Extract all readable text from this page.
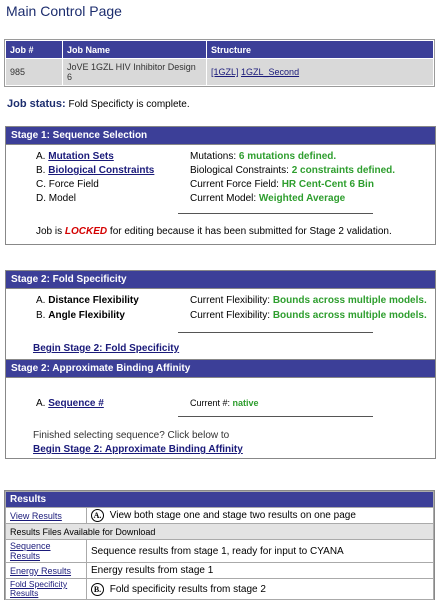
Main Control Page
Job #	Job Name	Structure
985	JoVE 1GZL HIV Inhibitor Design 6	[1GZL] 1GZL_Second
Job status: Fold Specificty is complete.
Stage 1: Sequence Selection
A. Mutation Sets	Mutations: 6 mutations defined.
B. Biological Constraints	Biological Constraints: 2 constraints defined.
C. Force Field	Current Force Field: HR Cent-Cent 6 Bin
D. Model	Current Model: Weighted Average
Job is LOCKED for editing because it has been submitted for Stage 2 validation.
Stage 2: Fold Specificity
A. Distance Flexibility	Current Flexibility: Bounds across multiple models.
B. Angle Flexibility	Current Flexibility: Bounds across multiple models.
Begin Stage 2: Fold Specificity
Stage 2: Approximate Binding Affinity
A. Sequence #	Current #: native
Finished selecting sequence? Click below to
Begin Stage 2: Approximate Binding Affinity
Results	
View Results	A. View both stage one and stage two results on one page
Results Files Available for Download	
Sequence Results	Sequence results from stage 1, ready for input to CYANA
Energy Results	Energy results from stage 1
Fold Specificity Results	B. Fold specificity results from stage 2
